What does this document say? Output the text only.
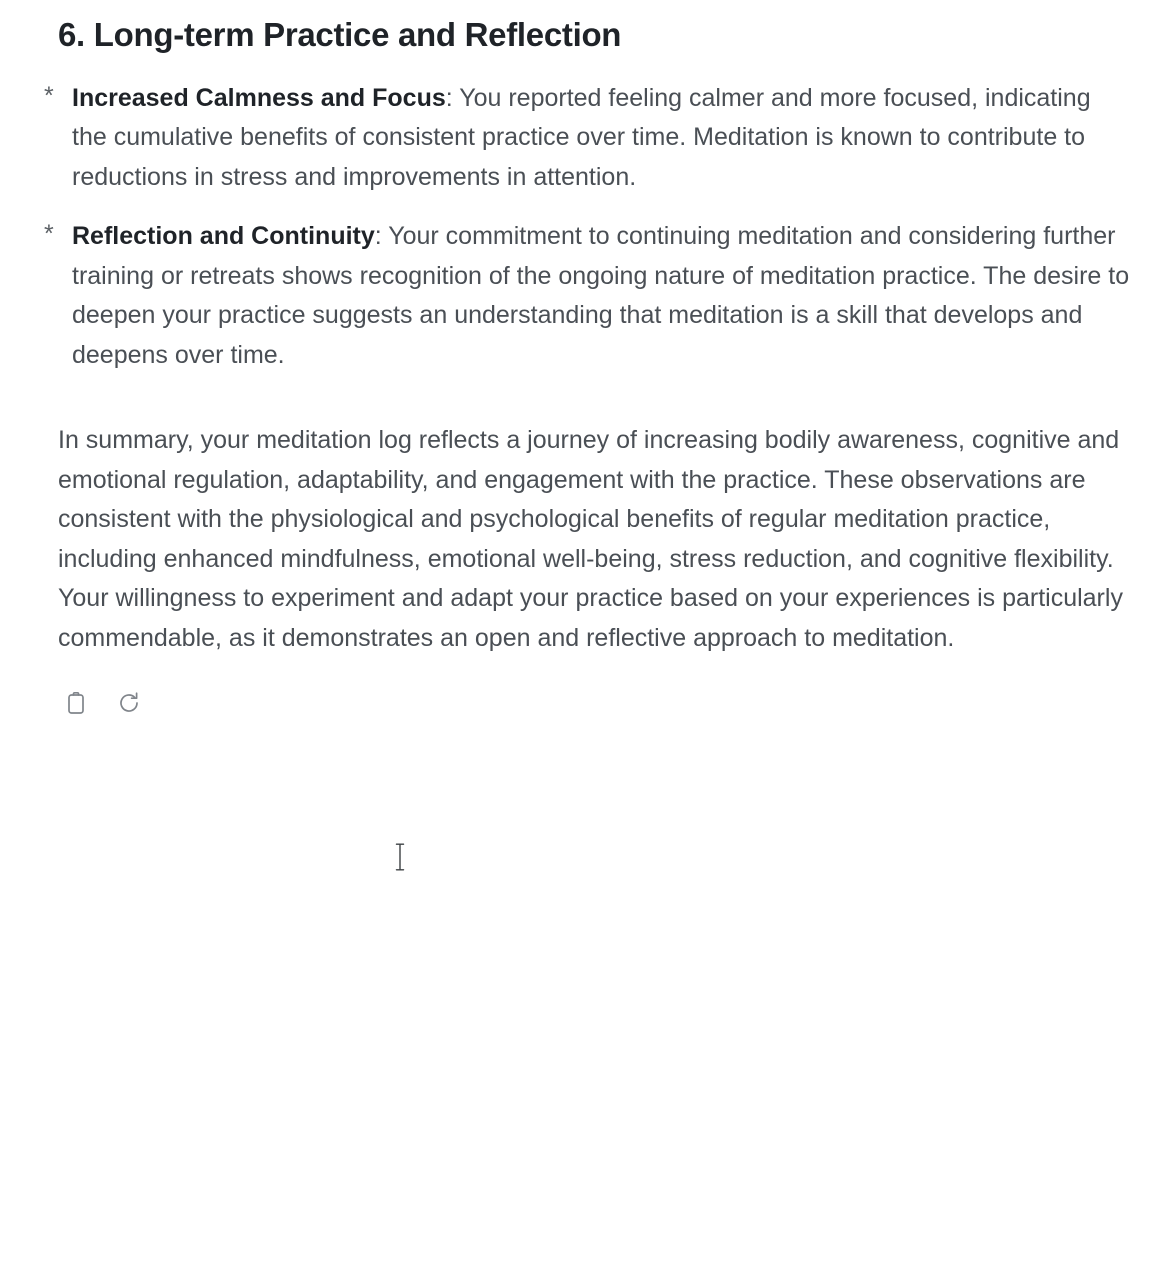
6. Long-term Practice and Reflection
* Increased Calmness and Focus: You reported feeling calmer and more focused, indicating the cumulative benefits of consistent practice over time. Meditation is known to contribute to reductions in stress and improvements in attention.
* Reflection and Continuity: Your commitment to continuing meditation and considering further training or retreats shows recognition of the ongoing nature of meditation practice. The desire to deepen your practice suggests an understanding that meditation is a skill that develops and deepens over time.

In summary, your meditation log reflects a journey of increasing bodily awareness, cognitive and emotional regulation, adaptability, and engagement with the practice. These observations are consistent with the physiological and psychological benefits of regular meditation practice, including enhanced mindfulness, emotional well-being, stress reduction, and cognitive flexibility. Your willingness to experiment and adapt your practice based on your experiences is particularly commendable, as it demonstrates an open and reflective approach to meditation.
